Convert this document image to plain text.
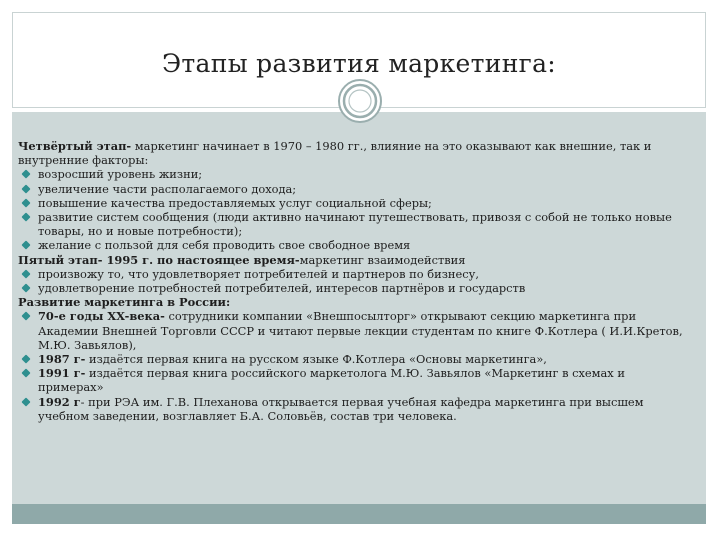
Этапы развития маркетинга:

Четвёртый этап- маркетинг начинает в 1970 – 1980 гг., влияние на это оказывают как внешние, так и внутренние факторы:

возросший уровень жизни;

увеличение части располагаемого дохода;

повышение качества предоставляемых услуг социальной сферы;

развитие систем сообщения (люди активно начинают путешествовать, привозя с собой не только новые товары, но и новые потребности);

желание с пользой для себя проводить свое свободное время

Пятый этап- 1995 г. по настоящее время-маркетинг взаимодействия

произвожу то, что удовлетворяет потребителей и партнеров по бизнесу,

удовлетворение потребностей потребителей, интересов партнёров и государств

Развитие маркетинга в России:

70-е годы XX-века- сотрудники компании «Внешпосылторг» открывают секцию маркетинга при Академии Внешней Торговли СССР и читают первые лекции студентам по книге Ф.Котлера ( И.И.Кретов, М.Ю. Завьялов),

1987 г- издаётся первая книга на русском языке Ф.Котлера «Основы маркетинга»,

1991 г- издаётся первая книга российского маркетолога М.Ю. Завьялов «Маркетинг в схемах и примерах»

1992 г- при РЭА им. Г.В. Плеханова открывается первая учебная кафедра маркетинга при высшем учебном заведении, возглавляет Б.А. Соловьёв, состав три человека.
